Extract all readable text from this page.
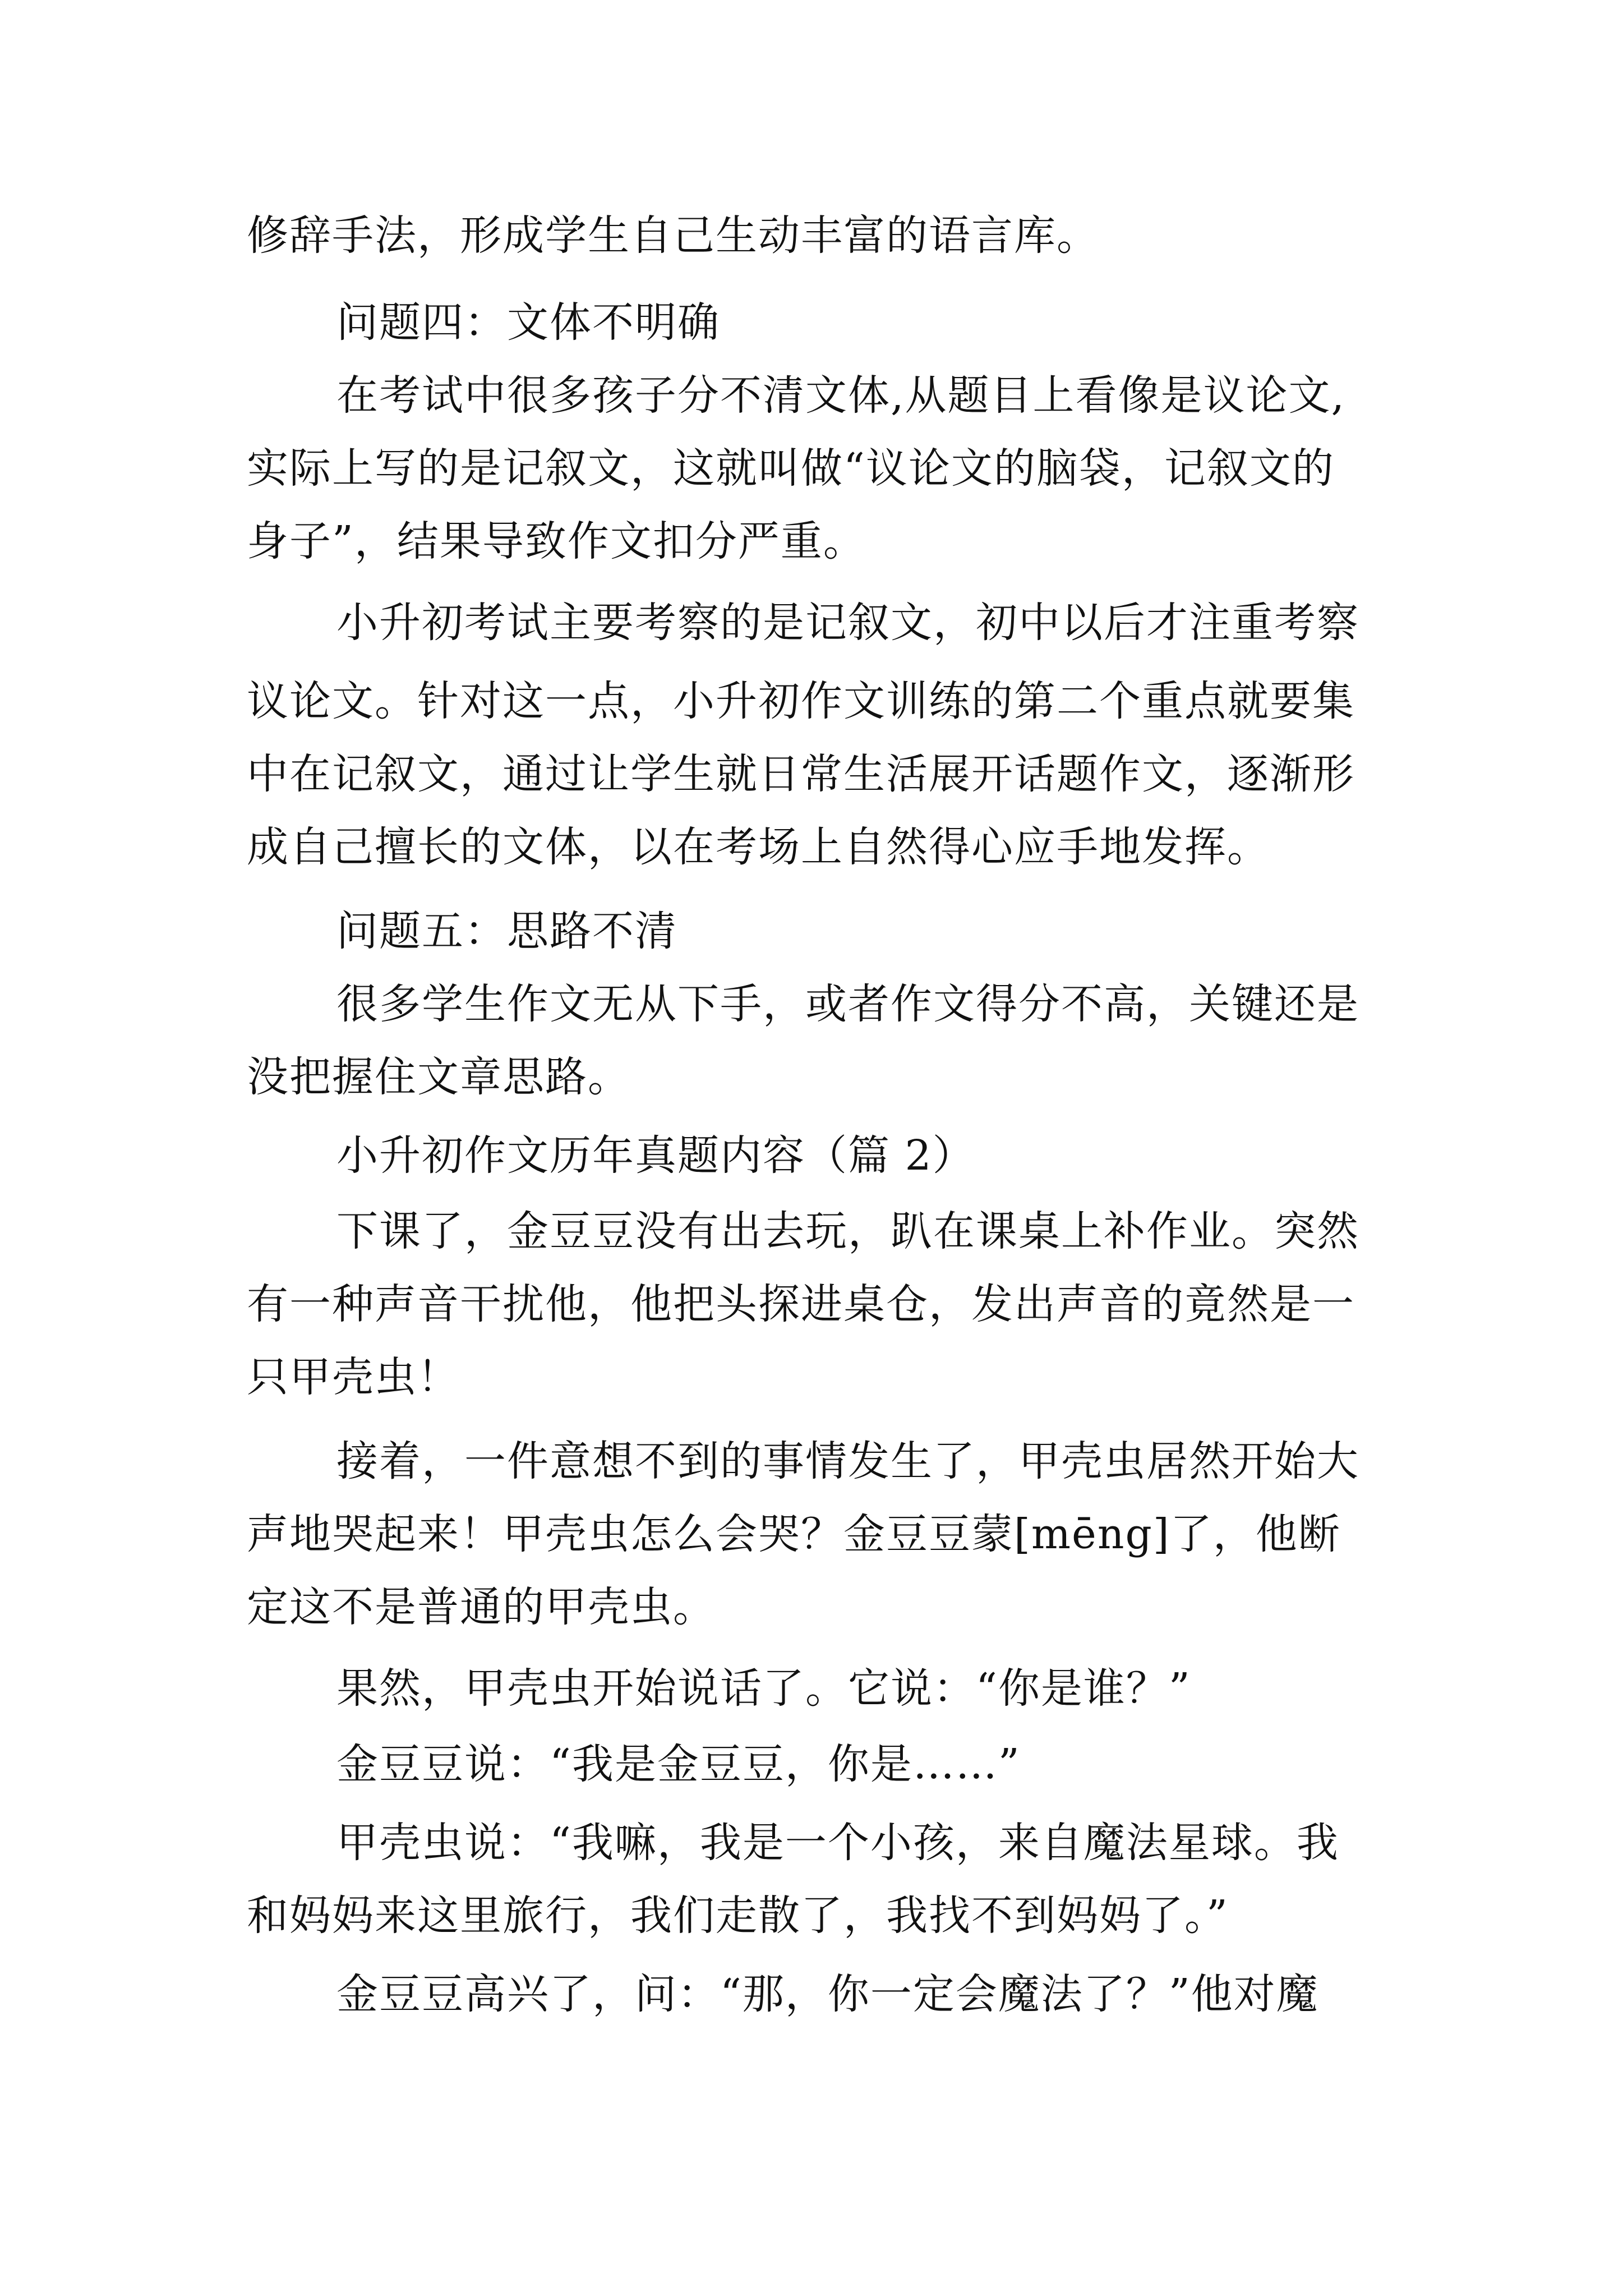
修辞手法，形成学生自己生动丰富的语言库。
问题四：文体不明确
在考试中很多孩子分不清文体,从题目上看像是议论文,
实际上写的是记叙文，这就叫做“议论文的脑袋，记叙文的
身子”，结果导致作文扣分严重。
小升初考试主要考察的是记叙文，初中以后才注重考察
议论文。针对这一点，小升初作文训练的第二个重点就要集
中在记叙文，通过让学生就日常生活展开话题作文，逐渐形
成自己擅长的文体，以在考场上自然得心应手地发挥。
问题五：思路不清
很多学生作文无从下手，或者作文得分不高，关键还是
没把握住文章思路。
小升初作文历年真题内容（篇 2）
下课了，金豆豆没有出去玩，趴在课桌上补作业。突然
有一种声音干扰他，他把头探进桌仓，发出声音的竟然是一
只甲壳虫！
接着，一件意想不到的事情发生了，甲壳虫居然开始大
声地哭起来！甲壳虫怎么会哭？金豆豆蒙[mēng]了，他断
定这不是普通的甲壳虫。
果然，甲壳虫开始说话了。它说：“你是谁？”
金豆豆说：“我是金豆豆，你是……”
甲壳虫说：“我嘛，我是一个小孩，来自魔法星球。我
和妈妈来这里旅行，我们走散了，我找不到妈妈了。”
金豆豆高兴了，问：“那，你一定会魔法了？”他对魔
